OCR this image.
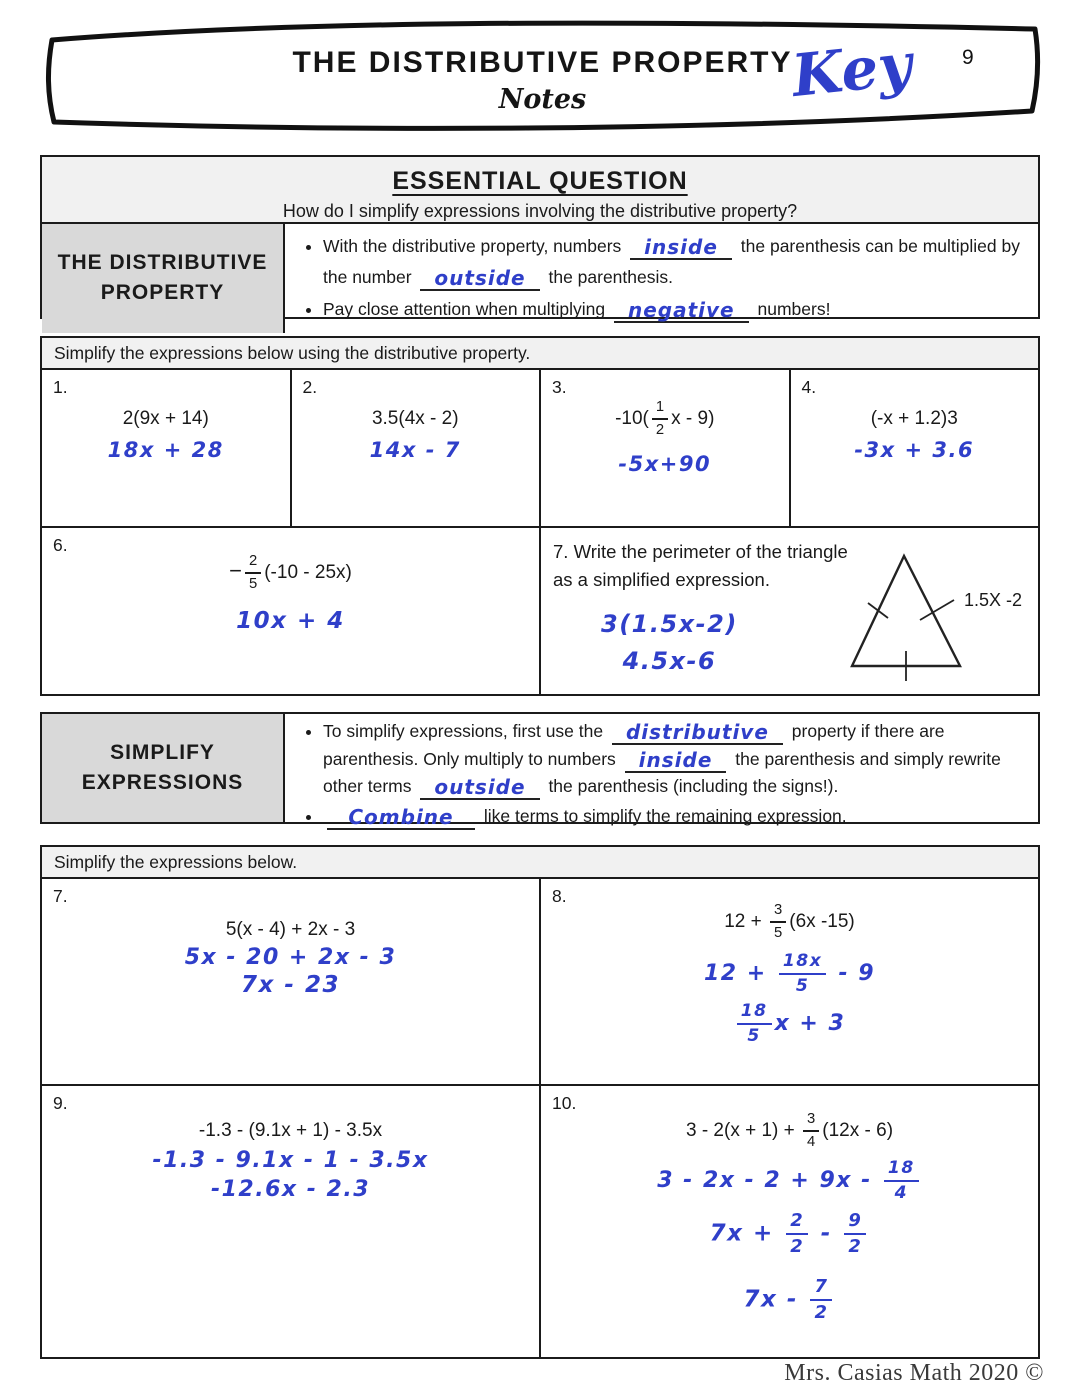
THE DISTRIBUTIVE PROPERTY
Notes	Key 9
ESSENTIAL QUESTION
How do I simplify expressions involving the distributive property?
THE DISTRIBUTIVE
PROPERTY
• With the distributive property, numbers inside the parenthesis can be multiplied by the number outside the parenthesis.
• Pay close attention when multiplying negative numbers!
Simplify the expressions below using the distributive property.
1.
2(9x + 14)
18x + 28
2.
3.5(4x - 2)
14x - 7
3.
$-10( \frac{1}{2}$ x - 9)
-5x+90
4.
(-x + 1.2)3
-3x + 3.6
6.
− $\frac{2}{5} (-10 - 25x)$
10x + 4
7. Write the perimeter of the triangle
as a simplified expression.
3(1.5x-2)
4.5x-6
1.5X -2
SIMPLIFY
EXPRESSIONS
• To simplify expressions, first use the distributive property if there are parenthesis. Only multiply to numbers inside the parenthesis and simply rewrite other terms outside the parenthesis (including the signs!).
• Combine like terms to simplify the remaining expression.
Simplify the expressions below.
7.
5(x - 4) + 2x - 3
5x - 20 + 2x - 3
7x - 23
8.
$12 + \frac{3}{5} (6x$ -15)
$12 + \frac{18x}{5} - 9$
$\frac{18}{5}$ x + 3
9.
-1.3 - (9.1x + 1) - 3.5x
-1.3 - 9.1x - 1 - 3.5x
-12.6x - 2.3
10.
$3 - 2(x + 1) + \frac{3}{4} (12x - 6)$
$3 - 2x - 2 + 9x - \frac{18}{4}$
$7x + \frac{2}{2} - \frac{9}{2}$
$7x - \frac{7}{2}$
Mrs. Casias Math 2020 ©
